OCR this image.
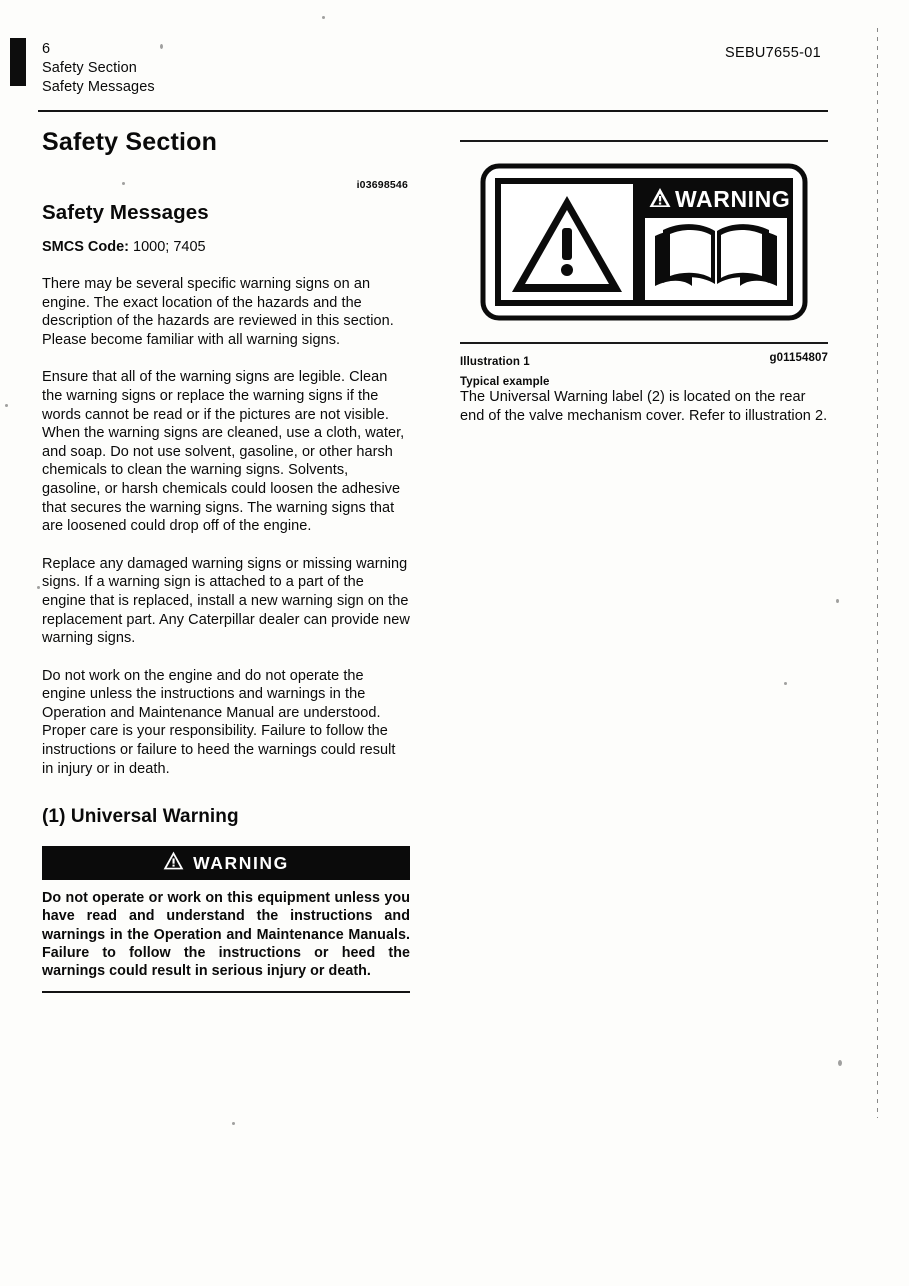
6
Safety Section
Safety Messages
SEBU7655-01
Safety Section
i03698546
Safety Messages

SMCS Code: 1000; 7405

There may be several specific warning signs on an engine. The exact location of the hazards and the description of the hazards are reviewed in this section. Please become familiar with all warning signs.

Ensure that all of the warning signs are legible. Clean the warning signs or replace the warning signs if the words cannot be read or if the pictures are not visible. When the warning signs are cleaned, use a cloth, water, and soap. Do not use solvent, gasoline, or other harsh chemicals to clean the warning signs. Solvents, gasoline, or harsh chemicals could loosen the adhesive that secures the warning signs. The warning signs that are loosened could drop off of the engine.

Replace any damaged warning signs or missing warning signs. If a warning sign is attached to a part of the engine that is replaced, install a new warning sign on the replacement part. Any Caterpillar dealer can provide new warning signs.

Do not work on the engine and do not operate the engine unless the instructions and warnings in the Operation and Maintenance Manual are understood. Proper care is your responsibility. Failure to follow the instructions or failure to heed the warnings could result in injury or in death.

(1) Universal Warning
WARNING

Do not operate or work on this equipment unless you have read and understand the instructions and warnings in the Operation and Maintenance Manuals. Failure to follow the instructions or heed the warnings could result in serious injury or death.

WARNING
Illustration 1	g01154807
Typical example

The Universal Warning label (2) is located on the rear end of the valve mechanism cover. Refer to illustration 2.
